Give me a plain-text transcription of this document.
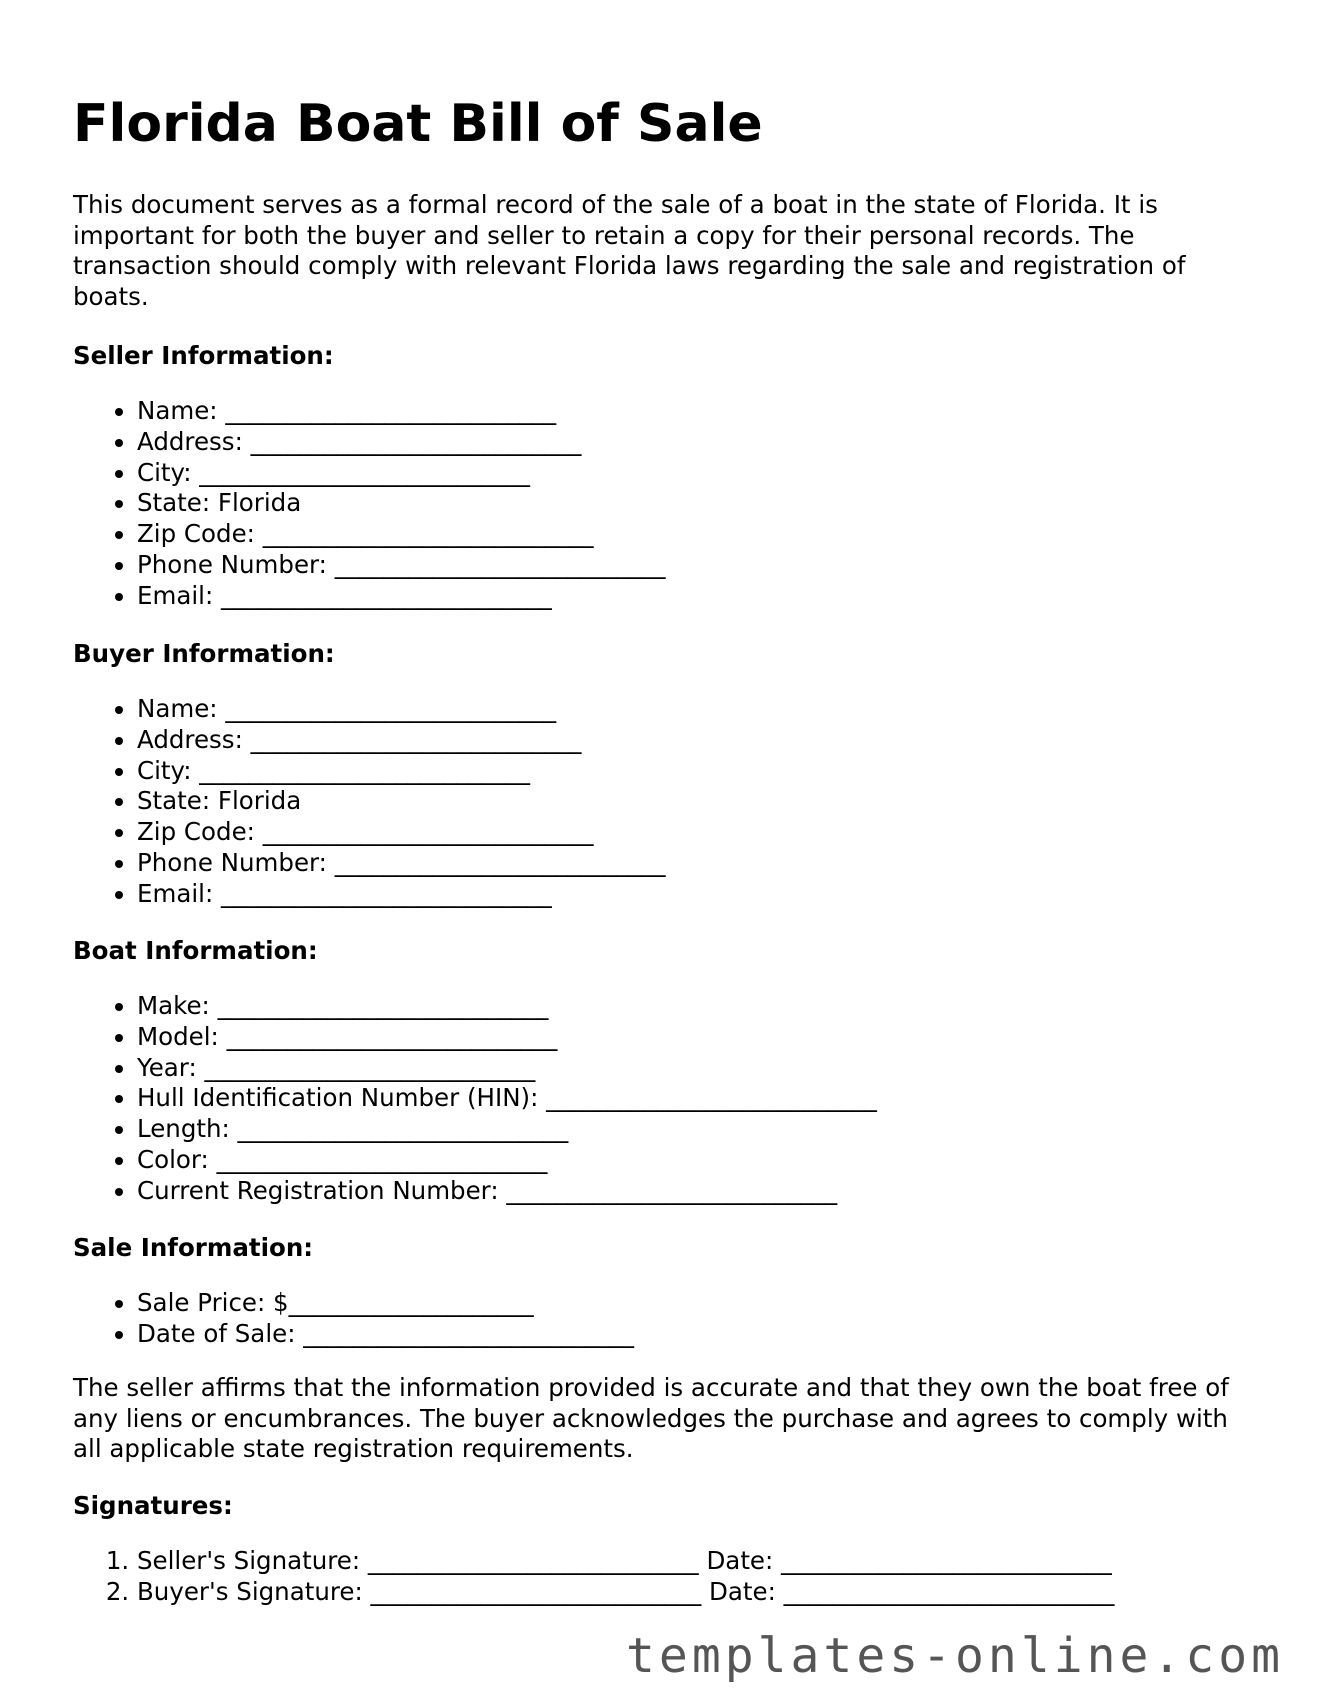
Florida Boat Bill of Sale

This document serves as a formal record of the sale of a boat in the state of Florida. It is important for both the buyer and seller to retain a copy for their personal records. The transaction should comply with relevant Florida laws regarding the sale and registration of boats.

Seller Information:
• Name: ___________________________
• Address: ___________________________
• City: ___________________________
• State: Florida
• Zip Code: ___________________________
• Phone Number: ___________________________
• Email: ___________________________
Buyer Information:
• Name: ___________________________
• Address: ___________________________
• City: ___________________________
• State: Florida
• Zip Code: ___________________________
• Phone Number: ___________________________
• Email: ___________________________
Boat Information:
• Make: ___________________________
• Model: ___________________________
• Year: ___________________________
• Hull Identification Number (HIN): ___________________________
• Length: ___________________________
• Color: ___________________________
• Current Registration Number: ___________________________
Sale Information:
• Sale Price: $____________________
• Date of Sale: ___________________________

The seller affirms that the information provided is accurate and that they own the boat free of any liens or encumbrances. The buyer acknowledges the purchase and agrees to comply with all applicable state registration requirements.

Signatures:
1. Seller's Signature: ___________________________ Date: ___________________________
2. Buyer's Signature: ___________________________ Date: ___________________________
templates-online.com
